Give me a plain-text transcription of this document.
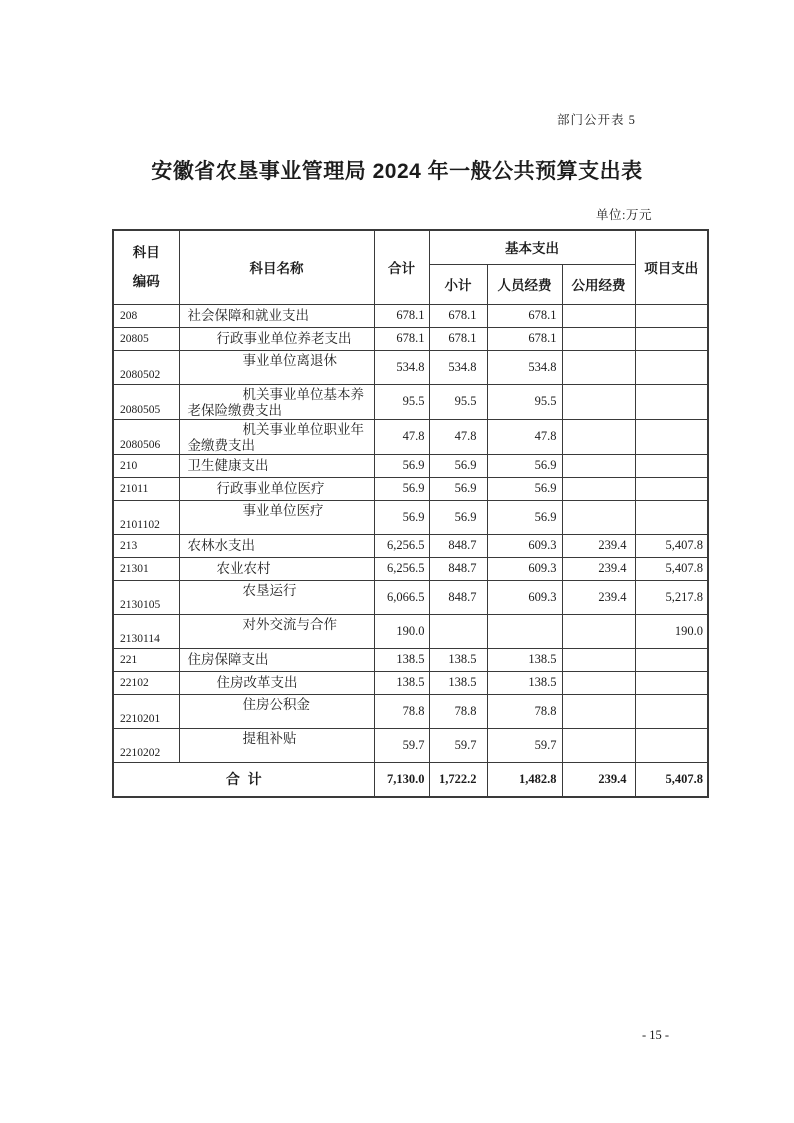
部门公开表 5
安徽省农垦事业管理局 2024 年一般公共预算支出表
单位:万元
科目
编码	科目名称	合计	基本支出			项目支出
			小计	人员经费	公用经费	
208	社会保障和就业支出	678.1	678.1	678.1		
20805	行政事业单位养老支出	678.1	678.1	678.1		
2080502	事业单位离退休	534.8	534.8	534.8		
2080505	机关事业单位基本养老保险缴费支出	95.5	95.5	95.5		
2080506	机关事业单位职业年金缴费支出	47.8	47.8	47.8		
210	卫生健康支出	56.9	56.9	56.9		
21011	行政事业单位医疗	56.9	56.9	56.9		
2101102	事业单位医疗	56.9	56.9	56.9		
213	农林水支出	6,256.5	848.7	609.3	239.4	5,407.8
21301	农业农村	6,256.5	848.7	609.3	239.4	5,407.8
2130105	农垦运行	6,066.5	848.7	609.3	239.4	5,217.8
2130114	对外交流与合作	190.0				190.0
221	住房保障支出	138.5	138.5	138.5		
22102	住房改革支出	138.5	138.5	138.5		
2210201	住房公积金	78.8	78.8	78.8		
2210202	提租补贴	59.7	59.7	59.7		
合  计		7,130.0	1,722.2	1,482.8	239.4	5,407.8
- 15 -
